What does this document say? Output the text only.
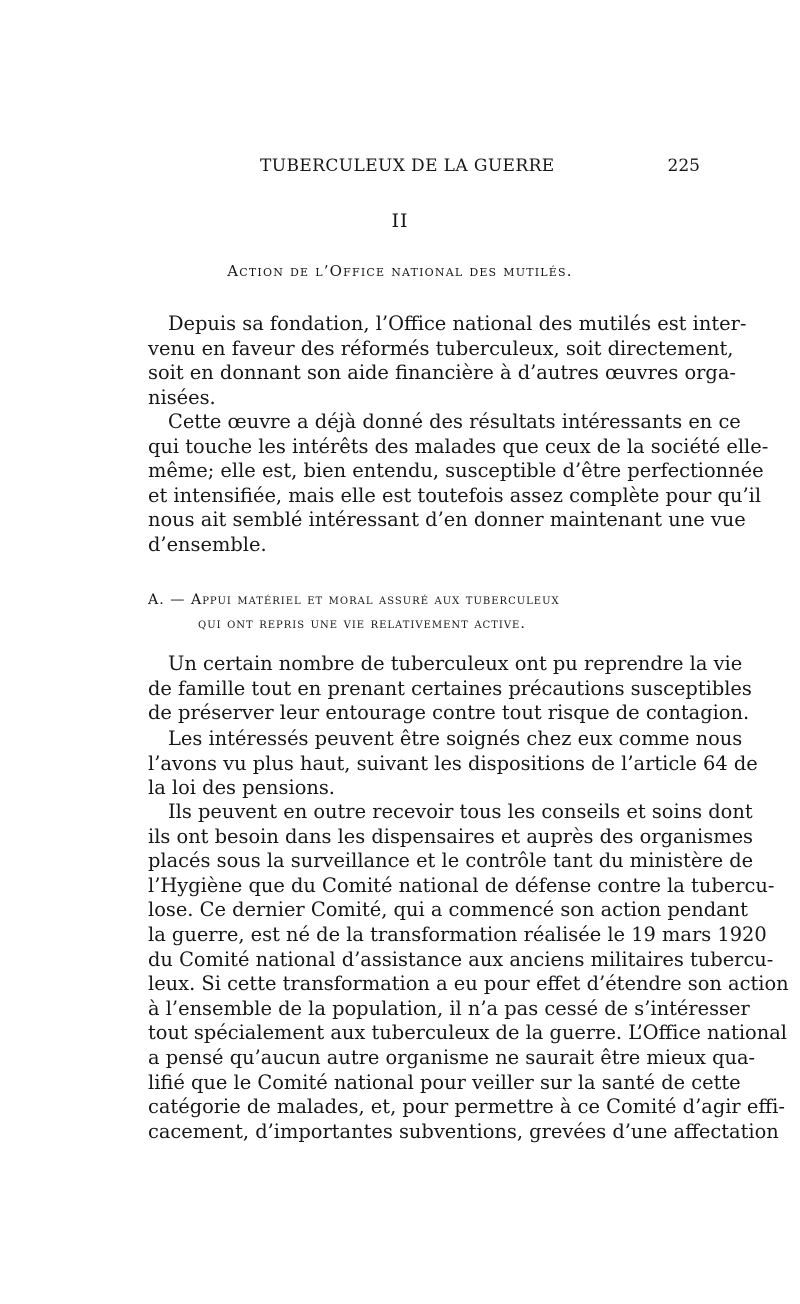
TUBERCULEUX DE LA GUERRE	225
II
Action de l’Office national des mutilés.

Depuis sa fondation, l’Office national des mutilés est inter-
venu en faveur des réformés tuberculeux, soit directement,
soit en donnant son aide financière à d’autres œuvres orga-
nisées.

Cette œuvre a déjà donné des résultats intéressants en ce
qui touche les intérêts des malades que ceux de la société elle-
même; elle est, bien entendu, susceptible d’être perfectionnée
et intensifiée, mais elle est toutefois assez complète pour qu’il
nous ait semblé intéressant d’en donner maintenant une vue
d’ensemble.

A. — Appui matériel et moral assuré aux tuberculeux
qui ont repris une vie relativement active.

Un certain nombre de tuberculeux ont pu reprendre la vie
de famille tout en prenant certaines précautions susceptibles
de préserver leur entourage contre tout risque de contagion.

Les intéressés peuvent être soignés chez eux comme nous
l’avons vu plus haut, suivant les dispositions de l’article 64 de
la loi des pensions.

Ils peuvent en outre recevoir tous les conseils et soins dont
ils ont besoin dans les dispensaires et auprès des organismes
placés sous la surveillance et le contrôle tant du ministère de
l’Hygiène que du Comité national de défense contre la tubercu-
lose. Ce dernier Comité, qui a commencé son action pendant
la guerre, est né de la transformation réalisée le 19 mars 1920
du Comité national d’assistance aux anciens militaires tubercu-
leux. Si cette transformation a eu pour effet d’étendre son action
à l’ensemble de la population, il n’a pas cessé de s’intéresser
tout spécialement aux tuberculeux de la guerre. L’Office national
a pensé qu’aucun autre organisme ne saurait être mieux qua-
lifié que le Comité national pour veiller sur la santé de cette
catégorie de malades, et, pour permettre à ce Comité d’agir effi-
cacement, d’importantes subventions, grevées d’une affectation
